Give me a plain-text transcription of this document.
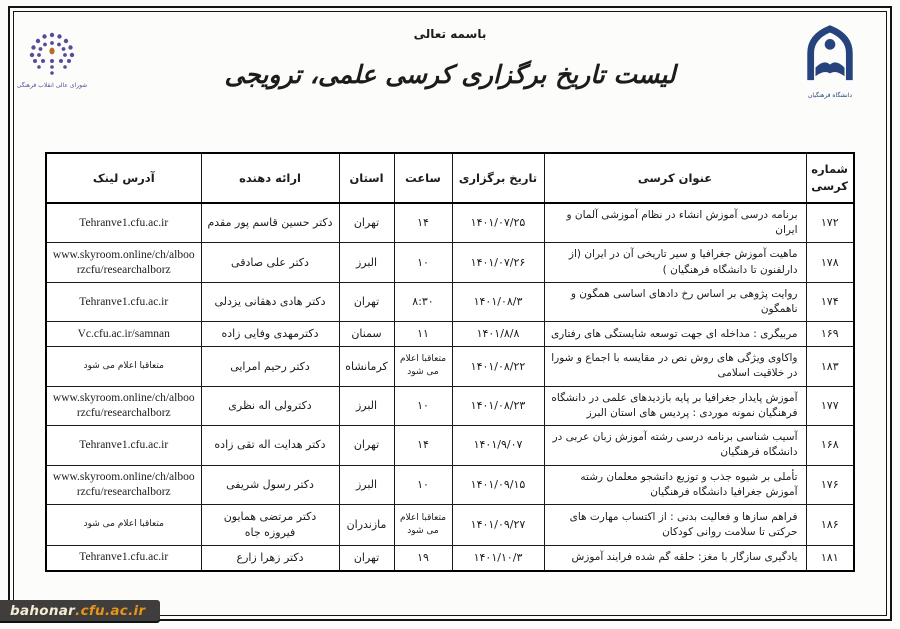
باسمه تعالی
لیست تاریخ برگزاری کرسی علمی، ترویجی
شورای عالی انقلاب فرهنگی
دانشگاه فرهنگیان
شماره کرسی	عنوان کرسی	تاریخ برگزاری	ساعت	استان	ارائه دهنده	آدرس لینک
۱۷۲	برنامه درسی آموزش انشاء در نظام آموزشی آلمان و ایران	۱۴۰۱/۰۷/۲۵	۱۴	تهران	دکتر حسین قاسم پور مقدم	Tehranve1.cfu.ac.ir
۱۷۸	ماهیت آموزش جغرافیا و سیر تاریخی آن در ایران (از دارلفنون تا دانشگاه فرهنگیان )	۱۴۰۱/۰۷/۲۶	۱۰	البرز	دکتر علی صادقی	www.skyroom.online/ch/alboorzcfu/researchalborz
۱۷۴	روایت پژوهی بر اساس رخ دادهای اساسی همگون و ناهمگون	۱۴۰۱/۰۸/۳	۸:۳۰	تهران	دکتر هادی دهقانی یزدلی	Tehranve1.cfu.ac.ir
۱۶۹	مربیگری : مداخله ای جهت توسعه شایستگی های رفتاری	۱۴۰۱/۸/۸	۱۱	سمنان	دکترمهدی وفایی زاده	Vc.cfu.ac.ir/samnan
۱۸۳	واکاوی ویژگی های روش نص در مقایسه با اجماع و شورا در خلاقیت اسلامی	۱۴۰۱/۰۸/۲۲	متعاقبا اعلام می شود	کرمانشاه	دکتر رحیم امرایی	متعاقبا اعلام می شود
۱۷۷	آموزش پایدار جغرافیا بر پایه بازدیدهای علمی در دانشگاه فرهنگیان نمونه موردی : پردیس های استان البرز	۱۴۰۱/۰۸/۲۳	۱۰	البرز	دکترولی اله نظری	www.skyroom.online/ch/alboorzcfu/researchalborz
۱۶۸	آسیب شناسی برنامه درسی رشته آموزش زبان عربی در دانشگاه فرهنگیان	۱۴۰۱/۹/۰۷	۱۴	تهران	دکتر هدایت اله تقی زاده	Tehranve1.cfu.ac.ir
۱۷۶	تأملی بر شیوه جذب و توزیع دانشجو معلمان رشته آموزش جغرافیا دانشگاه فرهنگیان	۱۴۰۱/۰۹/۱۵	۱۰	البرز	دکتر رسول شریفی	www.skyroom.online/ch/alboorzcfu/researchalborz
۱۸۶	فراهم سازها و فعالیت بدنی : از اکتساب مهارت های حرکتی تا سلامت روانی کودکان	۱۴۰۱/۰۹/۲۷	متعاقبا اعلام می شود	مازندران	دکتر مرتضی همایون فیروزه جاه	متعاقبا اعلام می شود
۱۸۱	یادگیری سازگار با مغز: حلقه گم شده فرایند آموزش	۱۴۰۱/۱۰/۳	۱۹	تهران	دکتر زهرا زارع	Tehranve1.cfu.ac.ir
bahonar .cfu.ac.ir
